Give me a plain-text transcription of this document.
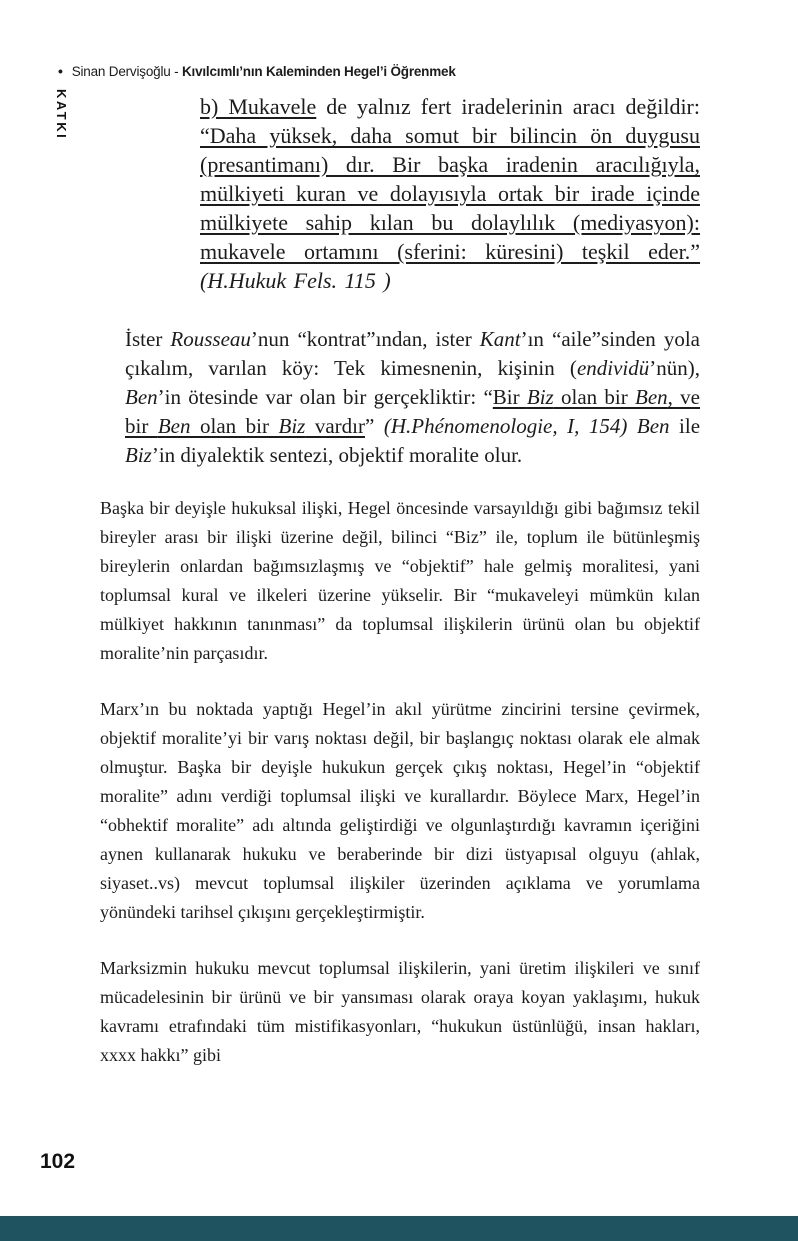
• Sinan Dervişoğlu - Kıvılcımlı’nın Kaleminden Hegel’i Öğrenmek
KATKI	b) Mukavele de yalnız fert iradelerinin aracı değildir: “Daha yüksek, daha somut bir bilincin ön duygusu (presantimanı) dır. Bir başka iradenin aracılığıyla, mülkiyeti kuran ve dolayısıyla ortak bir irade içinde mülkiyete sahip kılan bu dolaylılık (mediyasyon): mukavele ortamını (sferini: küresini) teşkil eder.” (H.Hukuk Fels. 115 )

İster Rousseau’nun “kontrat”ından, ister Kant’ın “aile”sinden yola çıkalım, varılan köy: Tek kimesnenin, kişinin (endividü’nün), Ben’in ötesinde var olan bir gerçekliktir: “Bir Biz olan bir Ben, ve bir Ben olan bir Biz vardır” (H.Phénomenologie, I, 154) Ben ile Biz’in diyalektik sentezi, objektif moralite olur.

Başka bir deyişle hukuksal ilişki, Hegel öncesinde varsayıldığı gibi bağımsız tekil bireyler arası bir ilişki üzerine değil, bilinci “Biz” ile, toplum ile bütünleşmiş bireylerin onlardan bağımsızlaşmış ve “objektif” hale gelmiş moralitesi, yani toplumsal kural ve ilkeleri üzerine yükselir. Bir “mukaveleyi mümkün kılan mülkiyet hakkının tanınması” da toplumsal ilişkilerin ürünü olan bu objektif moralite’nin parçasıdır.

Marx’ın bu noktada yaptığı Hegel’in akıl yürütme zincirini tersine çevirmek, objektif moralite’yi bir varış noktası değil, bir başlangıç noktası olarak ele almak olmuştur. Başka bir deyişle hukukun gerçek çıkış noktası, Hegel’in “objektif moralite” adını verdiği toplumsal ilişki ve kurallardır. Böylece Marx, Hegel’in “obhektif moralite” adı altında geliştirdiği ve olgunlaştırdığı kavramın içeriğini aynen kullanarak hukuku ve beraberinde bir dizi üstyapısal olguyu (ahlak, siyaset..vs) mevcut toplumsal ilişkiler üzerinden açıklama ve yorumlama yönündeki tarihsel çıkışını gerçekleştirmiştir.

Marksizmin hukuku mevcut toplumsal ilişkilerin, yani üretim ilişkileri ve sınıf mücadelesinin bir ürünü ve bir yansıması olarak oraya koyan yaklaşımı, hukuk kavramı etrafındaki tüm mistifikasyonları, “hukukun üstünlüğü, insan hakları, xxxx hakkı” gibi

102
